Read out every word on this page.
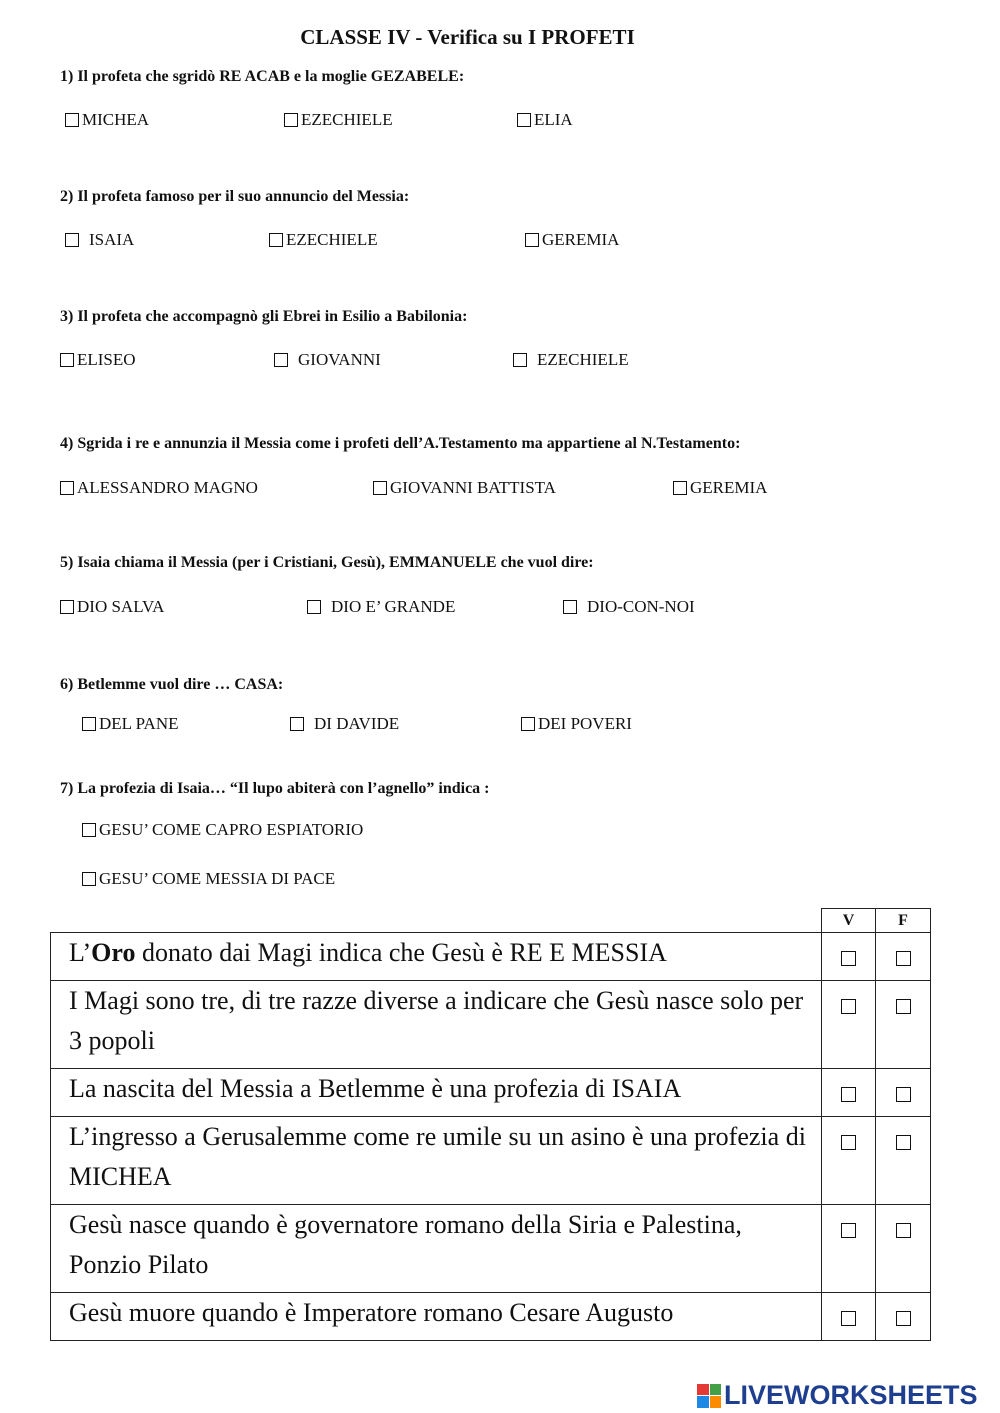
CLASSE IV - Verifica su I PROFETI
1) Il profeta che sgridò RE ACAB e la moglie GEZABELE:
MICHEA	EZECHIELE	ELIA
2) Il profeta famoso per il suo annuncio del Messia:
ISAIA	EZECHIELE	GEREMIA
3) Il profeta che accompagnò gli Ebrei in Esilio a Babilonia:
ELISEO	GIOVANNI	EZECHIELE
4) Sgrida i re e annunzia il Messia come i profeti dell’A.Testamento ma appartiene al N.Testamento:
ALESSANDRO MAGNO	GIOVANNI BATTISTA	GEREMIA
5) Isaia chiama il Messia (per i Cristiani, Gesù), EMMANUELE che vuol dire:
DIO SALVA	DIO E’ GRANDE	DIO-CON-NOI
6) Betlemme vuol dire … CASA:
DEL PANE	DI DAVIDE	DEI POVERI
7) La profezia di Isaia… “Il lupo abiterà con l’agnello” indica :
GESU’ COME CAPRO ESPIATORIO
GESU’ COME MESSIA DI PACE
	V	F
L’Oro donato dai Magi indica che Gesù è RE E MESSIA	

I Magi sono tre, di tre razze diverse a indicare che Gesù nasce solo per 3 popoli	

La nascita del Messia a Betlemme è una profezia di ISAIA	

L’ingresso a Gerusalemme come re umile su un asino è una profezia di MICHEA	

Gesù nasce quando è governatore romano della Siria e Palestina, Ponzio Pilato	

Gesù muore quando è Imperatore romano Cesare Augusto	

LIVEWORKSHEETS
